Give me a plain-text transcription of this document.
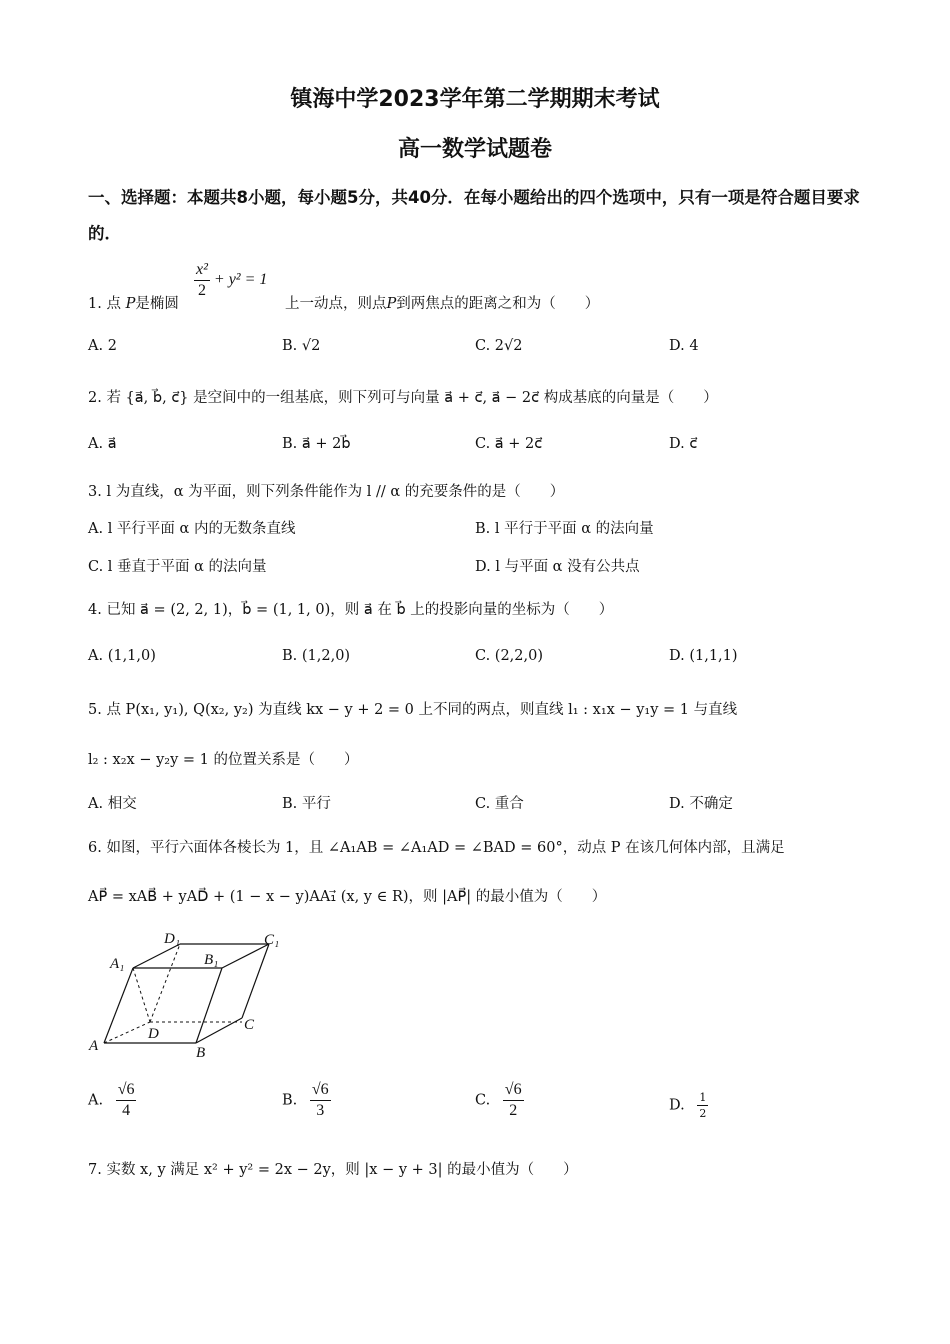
镇海中学2023学年第二学期期末考试
高一数学试题卷
一、选择题：本题共8小题，每小题5分，共40分．在每小题给出的四个选项中，只有一项是符合题目要求的．
1. 点 P是椭圆
$\frac{\text{x²}}{2} + y^2 = 1$
上一动点，则点P到两焦点的距离之和为（　　）
A. 2	B. √2	C. 2√2	D. 4
2. 若 {a⃗, b⃗, c⃗} 是空间中的一组基底，则下列可与向量 a⃗ + c⃗, a⃗ − 2c⃗ 构成基底的向量是（　　）
A. a⃗	B. a⃗ + 2b⃗	C. a⃗ + 2c⃗	D. c⃗
3. l 为直线，α 为平面，则下列条件能作为 l // α 的充要条件的是（　　）
A. l 平行平面 α 内的无数条直线	B. l 平行于平面 α 的法向量
C. l 垂直于平面 α 的法向量	D. l 与平面 α 没有公共点
4. 已知 a⃗ = (2, 2, 1)，b⃗ = (1, 1, 0)，则 a⃗ 在 b⃗ 上的投影向量的坐标为（　　）
A. (1,1,0)	B. (1,2,0)	C. (2,2,0)	D. (1,1,1)
5. 点 P(x₁, y₁), Q(x₂, y₂) 为直线 kx − y + 2 = 0 上不同的两点，则直线 l₁ : x₁x − y₁y = 1 与直线
l₂ : x₂x − y₂y = 1 的位置关系是（　　）
A. 相交	B. 平行	C. 重合	D. 不确定
6. 如图，平行六面体各棱长为 1，且 ∠A₁AB = ∠A₁AD = ∠BAD = 60°，动点 P 在该几何体内部，且满足
AP⃗ = xAB⃗ + yAD⃗ + (1 − x − y)AA₁⃗ (x, y ∈ R)，则 |AP⃗| 的最小值为（　　）
D₁	C₁
A₁	B₁
D
C
A	B
A. $\frac{√6}{4}$	B. $\frac{√6}{3}$	C. $\frac{√6}{2}$	D. $\frac{1}{2}$
7. 实数 x, y 满足 x² + y² = 2x − 2y，则 |x − y + 3| 的最小值为（　　）
